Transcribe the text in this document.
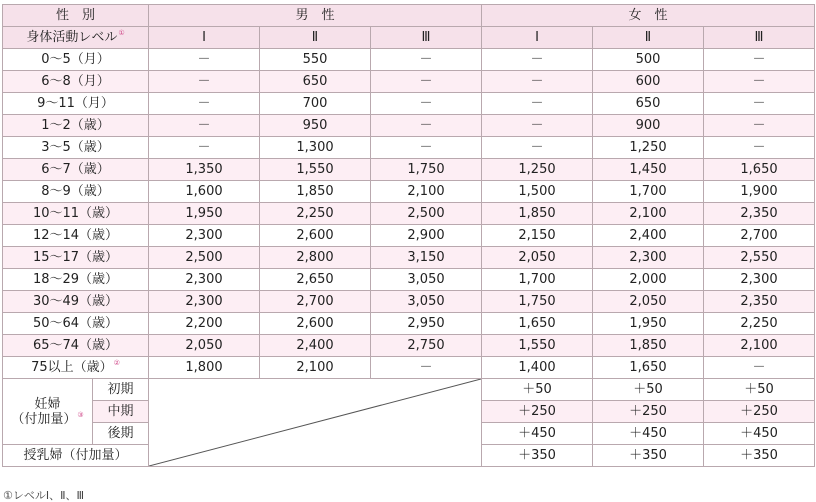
性　別		男　性			女　性		
身体活動レベル①		Ⅰ	Ⅱ	Ⅲ	Ⅰ	Ⅱ	Ⅲ
0～5（月）		－	550	－	－	500	－
6～8（月）		－	650	－	－	600	－
9～11（月）		－	700	－	－	650	－
1～2（歳）		－	950	－	－	900	－
3～5（歳）		－	1,300	－	－	1,250	－
6～7（歳）		1,350	1,550	1,750	1,250	1,450	1,650
8～9（歳）		1,600	1,850	2,100	1,500	1,700	1,900
10～11（歳）		1,950	2,250	2,500	1,850	2,100	2,350
12～14（歳）		2,300	2,600	2,900	2,150	2,400	2,700
15～17（歳）		2,500	2,800	3,150	2,050	2,300	2,550
18～29（歳）		2,300	2,650	3,050	1,700	2,000	2,300
30～49（歳）		2,300	2,700	3,050	1,750	2,050	2,350
50～64（歳）		2,200	2,600	2,950	1,650	1,950	2,250
65～74（歳）		2,050	2,400	2,750	1,550	1,850	2,100
75以上（歳）②		1,800	2,100	－	1,400	1,650	－

妊婦
（付加量）③	初期				＋50	＋50	＋50
	中期				＋250	＋250	＋250
	後期				＋450	＋450	＋450
授乳婦（付加量）					＋350	＋350	＋350
①レベルⅠ、Ⅱ、Ⅲ
